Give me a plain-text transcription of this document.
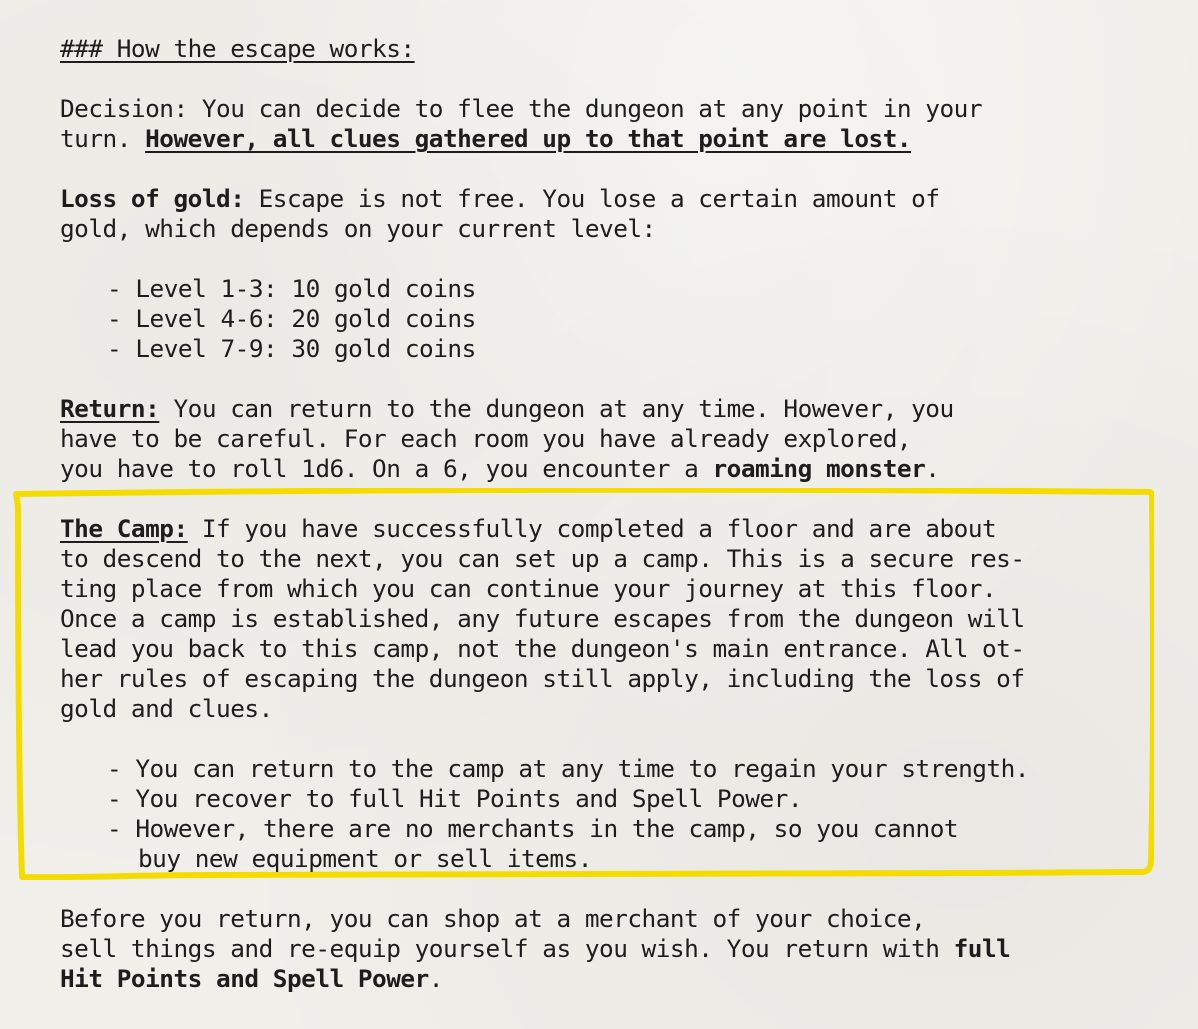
### How the escape works:
Decision: You can decide to flee the dungeon at any point in your
turn. However, all clues gathered up to that point are lost.
Loss of gold: Escape is not free. You lose a certain amount of
gold, which depends on your current level:
- Level 1-3: 10 gold coins
- Level 4-6: 20 gold coins
- Level 7-9: 30 gold coins
Return: You can return to the dungeon at any time. However, you
have to be careful. For each room you have already explored,
you have to roll 1d6. On a 6, you encounter a roaming monster.
The Camp: If you have successfully completed a floor and are about
to descend to the next, you can set up a camp. This is a secure res-
ting place from which you can continue your journey at this floor.
Once a camp is established, any future escapes from the dungeon will
lead you back to this camp, not the dungeon's main entrance. All ot-
her rules of escaping the dungeon still apply, including the loss of
gold and clues.
- You can return to the camp at any time to regain your strength.
- You recover to full Hit Points and Spell Power.
- However, there are no merchants in the camp, so you cannot
buy new equipment or sell items.
Before you return, you can shop at a merchant of your choice,
sell things and re-equip yourself as you wish. You return with full
Hit Points and Spell Power.
